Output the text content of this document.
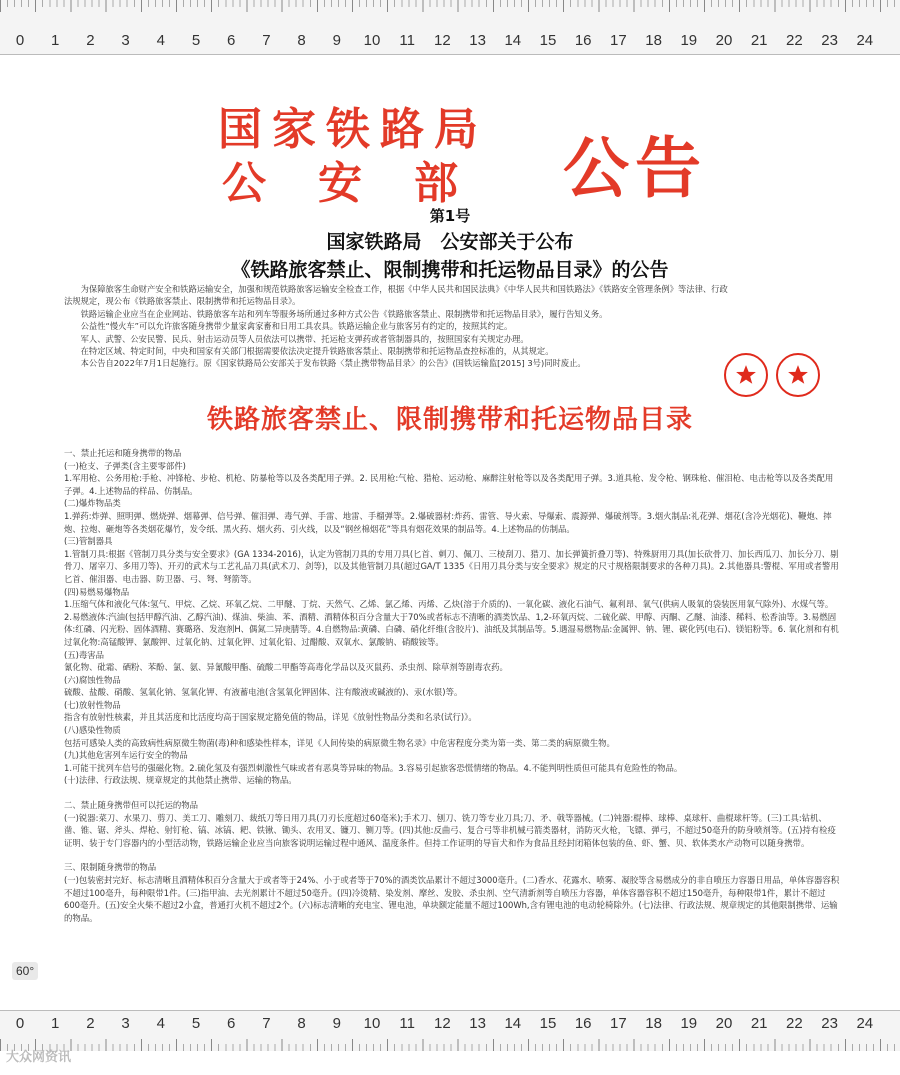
0	1	2	3	4	5	6	7	8	9	10 11 12 13 14 15 16 17 18 19 20 21 22 23 24
国家铁路局
公安部 公告
第1号
国家铁路局　公安部关于公布
《铁路旅客禁止、限制携带和托运物品目录》的公告

为保障旅客生命财产安全和铁路运输安全，加强和规范铁路旅客运输安全检查工作，根据《中华人民共和国民法典》《中华人民共和国铁路法》《铁路安全管理条例》等法律、行政法规规定，现公布《铁路旅客禁止、限制携带和托运物品目录》。

铁路运输企业应当在企业网站、铁路旅客车站和列车等服务场所通过多种方式公告《铁路旅客禁止、限制携带和托运物品目录》，履行告知义务。

公益性“慢火车”可以允许旅客随身携带少量家禽家畜和日用工具农具。铁路运输企业与旅客另有约定的，按照其约定。

军人、武警、公安民警、民兵、射击运动员等人员依法可以携带、托运枪支弹药或者管制器具的，按照国家有关规定办理。

在特定区域、特定时间，中央和国家有关部门根据需要依法决定提升铁路旅客禁止、限制携带和托运物品查控标准的，从其规定。

本公告自2022年7月1日起施行。原《国家铁路局公安部关于发布铁路〈禁止携带物品目录〉的公告》(国铁运输监[2015] 3号)同时废止。

铁路旅客禁止、限制携带和托运物品目录

一、禁止托运和随身携带的物品

(一)枪支、子弹类(含主要零部件)

1.军用枪、公务用枪:手枪、冲锋枪、步枪、机枪、防暴枪等以及各类配用子弹。2. 民用枪:气枪、猎枪、运动枪、麻醉注射枪等以及各类配用子弹。3.道具枪、发令枪、钢珠枪、催泪枪、电击枪等以及各类配用子弹。4.上述物品的样品、仿制品。

(二)爆炸物品类

1.弹药:炸弹、照明弹、燃烧弹、烟幕弹、信号弹、催泪弹、毒气弹、手雷、地雷、手榴弹等。2.爆破器材:炸药、雷管、导火索、导爆索、震源弹、爆破剂等。3.烟火制品:礼花弹、烟花(含冷光烟花)、鞭炮、摔炮、拉炮、砸炮等各类烟花爆竹，发令纸、黑火药、烟火药、引火线，以及“钢丝棉烟花”等具有烟花效果的制品等。4.上述物品的仿制品。

(三)管制器具

1.管制刀具:根据《管制刀具分类与安全要求》(GA 1334-2016)，认定为管制刀具的专用刀具(匕首、刺刀、佩刀、三棱刮刀、猎刀、加长弹簧折叠刀等)、特殊厨用刀具(加长砍骨刀、加长西瓜刀、加长分刀、剔骨刀、屠宰刀、多用刀等)、开刃的武术与工艺礼品刀具(武术刀、剑等)，以及其他管制刀具(超过GA/T 1335《日用刀具分类与安全要求》规定的尺寸规格限制要求的各种刀具)。2.其他器具:警棍、军用或者警用匕首、催泪器、电击器、防卫器、弓、弩、弩箭等。

(四)易燃易爆物品

1.压缩气体和液化气体:氢气、甲烷、乙烷、环氧乙烷、二甲醚、丁烷、天然气、乙烯、氯乙烯、丙烯、乙炔(溶于介质的)、一氧化碳、液化石油气、氟利昂、氧气(供病人吸氧的袋装医用氧气除外)、水煤气等。2.易燃液体:汽油(包括甲醇汽油、乙醇汽油)、煤油、柴油、苯、酒精、酒精体积百分含量大于70%或者标志不清晰的酒类饮品、1,2-环氧丙烷、二硫化碳、甲醇、丙酮、乙醚、油漆、稀料、松香油等。3.易燃固体:红磷、闪光粉、固体酒精、赛璐珞、发泡剂H、偶氮二异庚腈等。4.自燃物品:黄磷、白磷、硝化纤维(含胶片)、油纸及其制品等。5.遇湿易燃物品:金属钾、钠、锂、碳化钙(电石)、镁铝粉等。6. 氧化剂和有机过氧化物:高锰酸钾、氯酸钾、过氧化钠、过氧化钾、过氧化铅、过醋酸、双氧水、氯酸钠、硝酸铵等。

(五)毒害品

氰化物、砒霜、硒粉、苯酚、氯、氨、异氰酸甲酯、硫酸二甲酯等高毒化学品以及灭鼠药、杀虫剂、除草剂等剧毒农药。

(六)腐蚀性物品

硫酸、盐酸、硝酸、氢氧化钠、氢氧化钾、有液蓄电池(含氢氧化钾固体、注有酸液或碱液的)、汞(水银)等。

(七)放射性物品

指含有放射性核素，并且其活度和比活度均高于国家规定豁免值的物品，详见《放射性物品分类和名录(试行)》。

(八)感染性物质

包括可感染人类的高致病性病原微生物菌(毒)种和感染性样本，详见《人间传染的病原微生物名录》中危害程度分类为第一类、第二类的病原微生物。

(九)其他危害列车运行安全的物品

1.可能干扰列车信号的强磁化物。2.硫化氢及有强烈刺激性气味或者有恶臭等异味的物品。3.容易引起旅客恐慌情绪的物品。4.不能判明性质但可能具有危险性的物品。

(十)法律、行政法规、规章规定的其他禁止携带、运输的物品。

二、禁止随身携带但可以托运的物品

(一)锐器:菜刀、水果刀、剪刀、美工刀、雕刻刀、裁纸刀等日用刀具(刀刃长度超过60毫米);手术刀、刨刀、铣刀等专业刀具;刀、矛、戟等器械。(二)钝器:棍棒、球棒、桌球杆、曲棍球杆等。(三)工具:钻机、凿、锥、锯、斧头、焊枪、射钉枪、镐、冰镐、耙、铁锹、锄头、农用叉、镰刀、铡刀等。(四)其他:反曲弓、复合弓等非机械弓箭类器材，消防灭火枪，飞镖、弹弓，不超过50毫升的防身喷剂等。(五)持有检疫证明、装于专门容器内的小型活动物，铁路运输企业应当向旅客说明运输过程中通风、温度条件。但持工作证明的导盲犬和作为食品且经封闭箱体包装的鱼、虾、蟹、贝、软体类水产动物可以随身携带。

三、限制随身携带的物品

(一)包装密封完好、标志清晰且酒精体积百分含量大于或者等于24%、小于或者等于70%的酒类饮品累计不超过3000毫升。(二)香水、花露水、喷雾、凝胶等含易燃成分的非自喷压力容器日用品，单体容器容积不超过100毫升，每种限带1件。(三)指甲油、去光剂累计不超过50毫升。(四)冷烫精、染发剂、摩丝、发胶、杀虫剂、空气清新剂等自喷压力容器，单体容器容积不超过150毫升，每种限带1件，累计不超过600毫升。(五)安全火柴不超过2小盒，普通打火机不超过2个。(六)标志清晰的充电宝、锂电池，单块额定能量不超过100Wh,含有锂电池的电动轮椅除外。(七)法律、行政法规、规章规定的其他限制携带、运输的物品。

60°
0	1	2	3	4	5	6	7	8	9	10 11 12 13 14 15 16 17 18 19 20 21 22 23 24
大众网资讯
